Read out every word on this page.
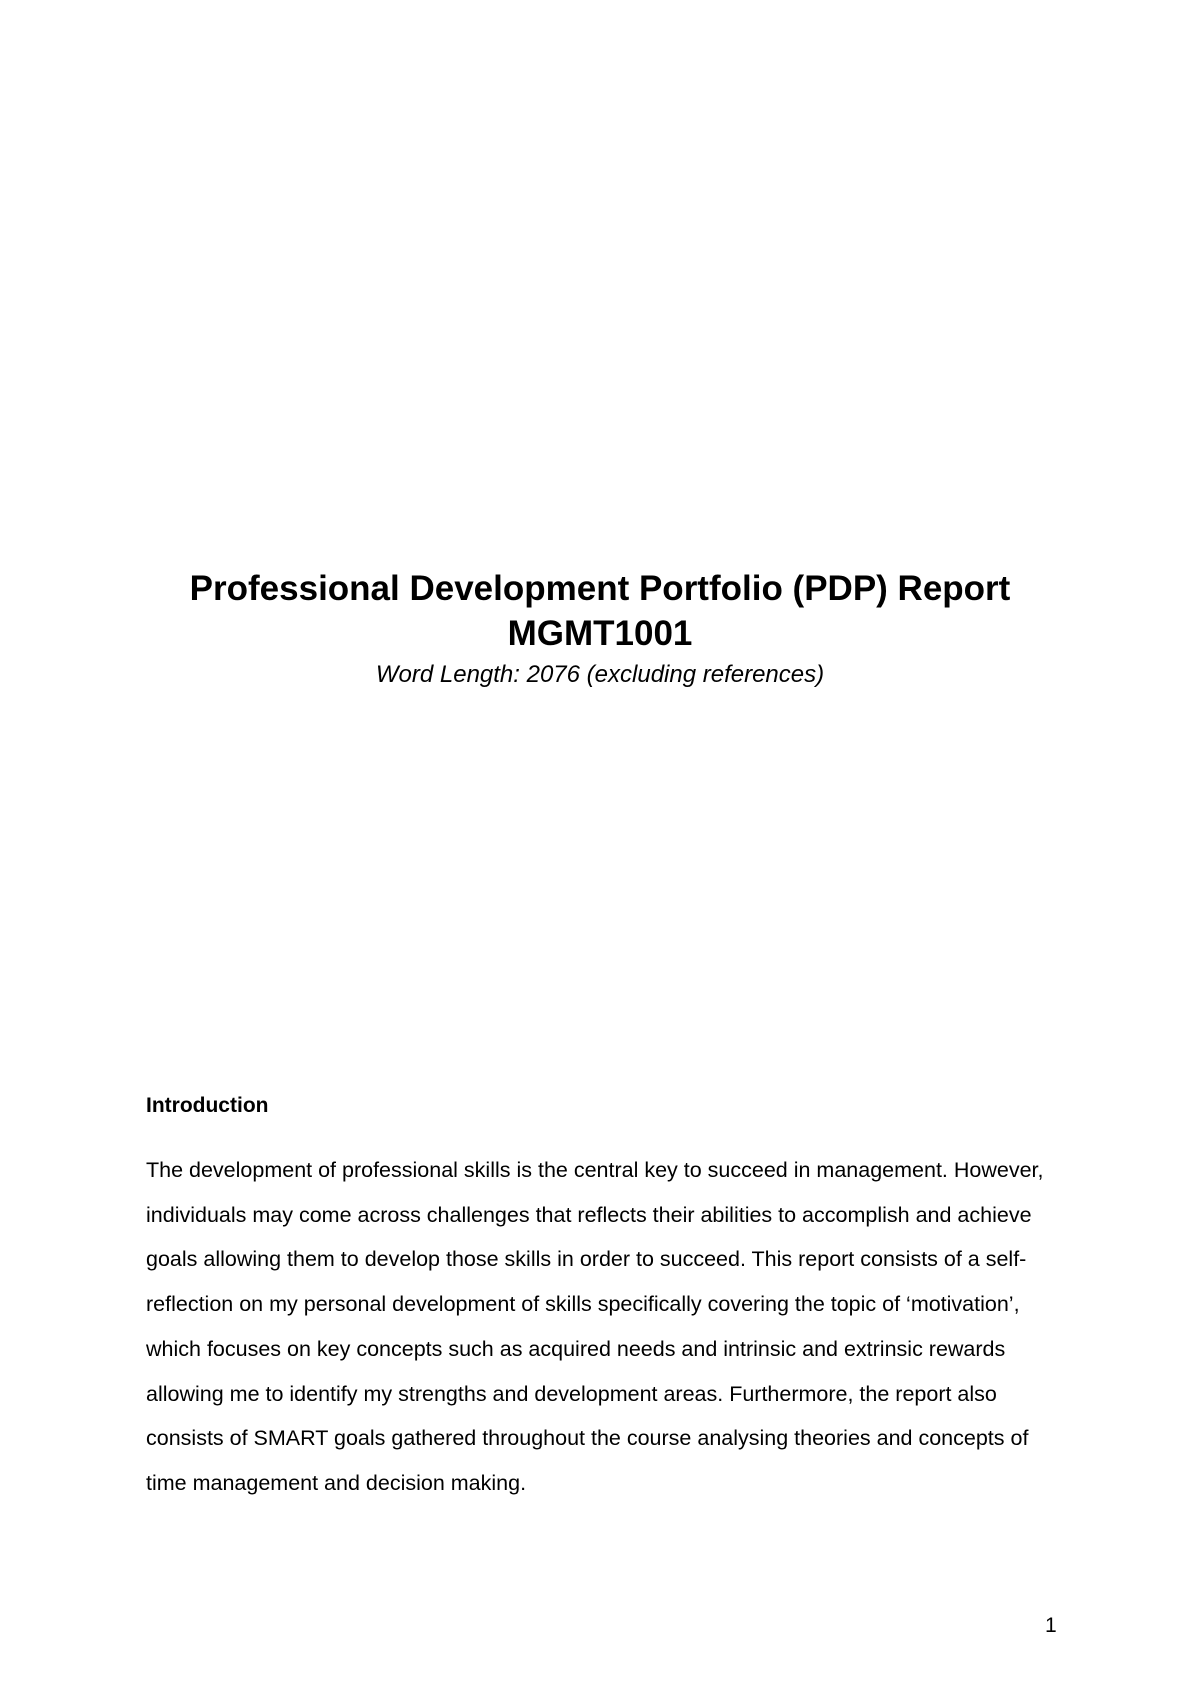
Professional Development Portfolio (PDP) Report
MGMT1001

Word Length: 2076 (excluding references)

Introduction

The development of professional skills is the central key to succeed in management. However, individuals may come across challenges that reflects their abilities to accomplish and achieve goals allowing them to develop those skills in order to succeed. This report consists of a self-reflection on my personal development of skills specifically covering the topic of ‘motivation’, which focuses on key concepts such as acquired needs and intrinsic and extrinsic rewards allowing me to identify my strengths and development areas. Furthermore, the report also consists of SMART goals gathered throughout the course analysing theories and concepts of time management and decision making.

1
